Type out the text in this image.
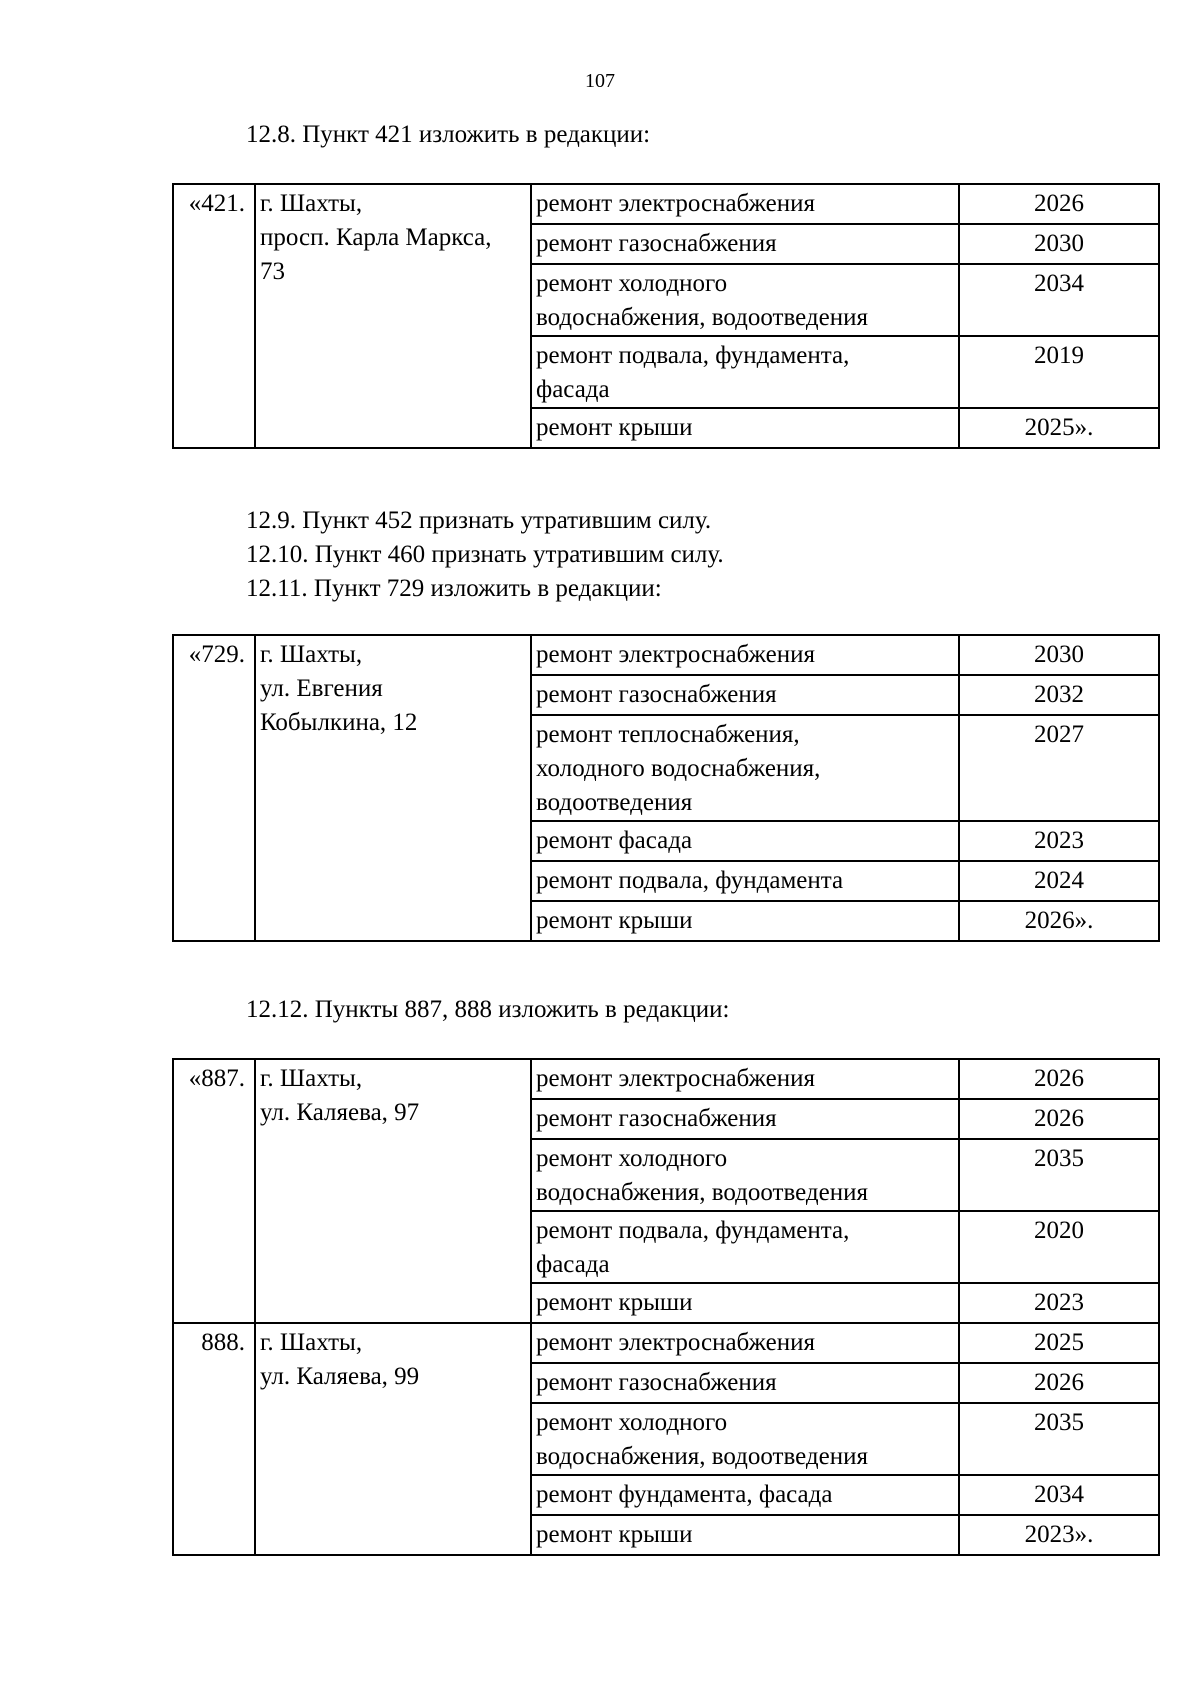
107
12.8. Пункт 421 изложить в редакции:
«421.	г. Шахты,
просп. Карла Маркса,
73	ремонт электроснабжения	2026
		ремонт газоснабжения	2030
		ремонт холодного
водоснабжения, водоотведения	2034
		ремонт подвала, фундамента,
фасада	2019
		ремонт крыши	2025».
12.9. Пункт 452 признать утратившим силу.
12.10. Пункт 460 признать утратившим силу.
12.11. Пункт 729 изложить в редакции:
«729.	г. Шахты,
ул. Евгения
Кобылкина, 12	ремонт электроснабжения	2030
		ремонт газоснабжения	2032
		ремонт теплоснабжения,
холодного водоснабжения,
водоотведения	2027
		ремонт фасада	2023
		ремонт подвала, фундамента	2024
		ремонт крыши	2026».
12.12. Пункты 887, 888 изложить в редакции:
«887.	г. Шахты,
ул. Каляева, 97	ремонт электроснабжения	2026
		ремонт газоснабжения	2026
		ремонт холодного
водоснабжения, водоотведения	2035
		ремонт подвала, фундамента,
фасада	2020
		ремонт крыши	2023
888.	г. Шахты,
ул. Каляева, 99	ремонт электроснабжения	2025
		ремонт газоснабжения	2026
		ремонт холодного
водоснабжения, водоотведения	2035
		ремонт фундамента, фасада	2034
		ремонт крыши	2023».
